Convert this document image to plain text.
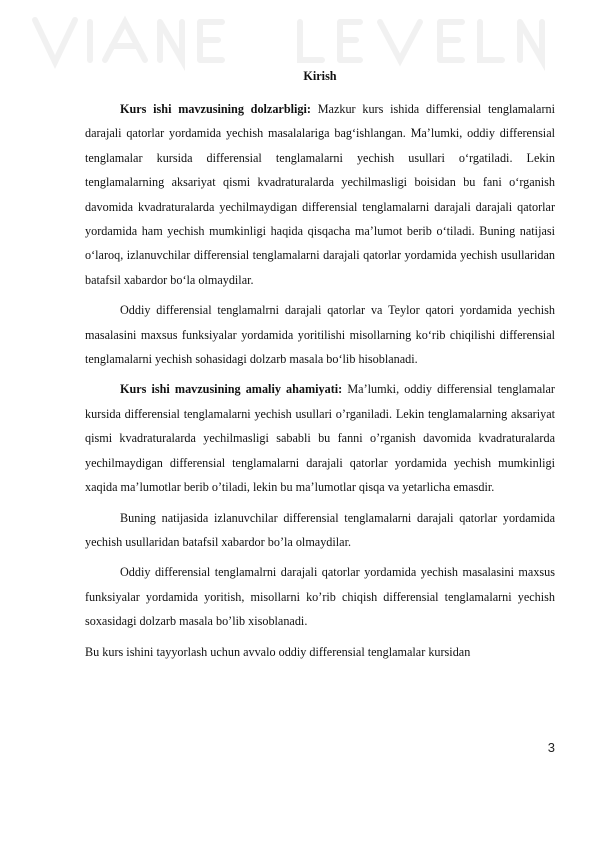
Kirish

Kurs ishi mavzusining dolzarbligi: Mazkur kurs ishida differensial tenglamalarni darajali qatorlar yordamida yechish masalalariga bag‘ishlangan. Ma’lumki, oddiy differensial tenglamalar kursida differensial tenglamalarni yechish usullari o‘rgatiladi. Lekin tenglamalarning aksariyat qismi kvadraturalarda yechilmasligi boisidan bu fani o‘rganish davomida kvadraturalarda yechilmaydigan differensial tenglamalarni darajali darajali qatorlar yordamida ham yechish mumkinligi haqida qisqacha ma’lumot berib o‘tiladi. Buning natijasi o‘laroq, izlanuvchilar differensial tenglamalarni darajali qatorlar yordamida yechish usullaridan batafsil xabardor bo‘la olmaydilar.

Oddiy differensial tenglamalrni darajali qatorlar va Teylor qatori yordamida yechish masalasini maxsus funksiyalar yordamida yoritilishi misollarning ko‘rib chiqilishi differensial tenglamalarni yechish sohasidagi dolzarb masala bo‘lib hisoblanadi.

Kurs ishi mavzusining amaliy ahamiyati: Ma’lumki, oddiy differensial tenglamalar kursida differensial tenglamalarni yechish usullari o’rganiladi. Lekin tenglamalarning aksariyat qismi kvadraturalarda yechilmasligi sababli bu fanni o’rganish davomida kvadraturalarda yechilmaydigan differensial tenglamalarni darajali qatorlar yordamida yechish mumkinligi xaqida ma’lumotlar berib o’tiladi, lekin bu ma’lumotlar qisqa va yetarlicha emasdir.

Buning natijasida izlanuvchilar differensial tenglamalarni darajali qatorlar yordamida yechish usullaridan batafsil xabardor bo’la olmaydilar.

Oddiy differensial tenglamalrni darajali qatorlar yordamida yechish masalasini maxsus funksiyalar yordamida yoritish, misollarni ko’rib chiqish differensial tenglamalarni yechish soxasidagi dolzarb masala bo’lib xisoblanadi.

Bu kurs ishini tayyorlash uchun avvalo oddiy differensial tenglamalar kursidan

3
